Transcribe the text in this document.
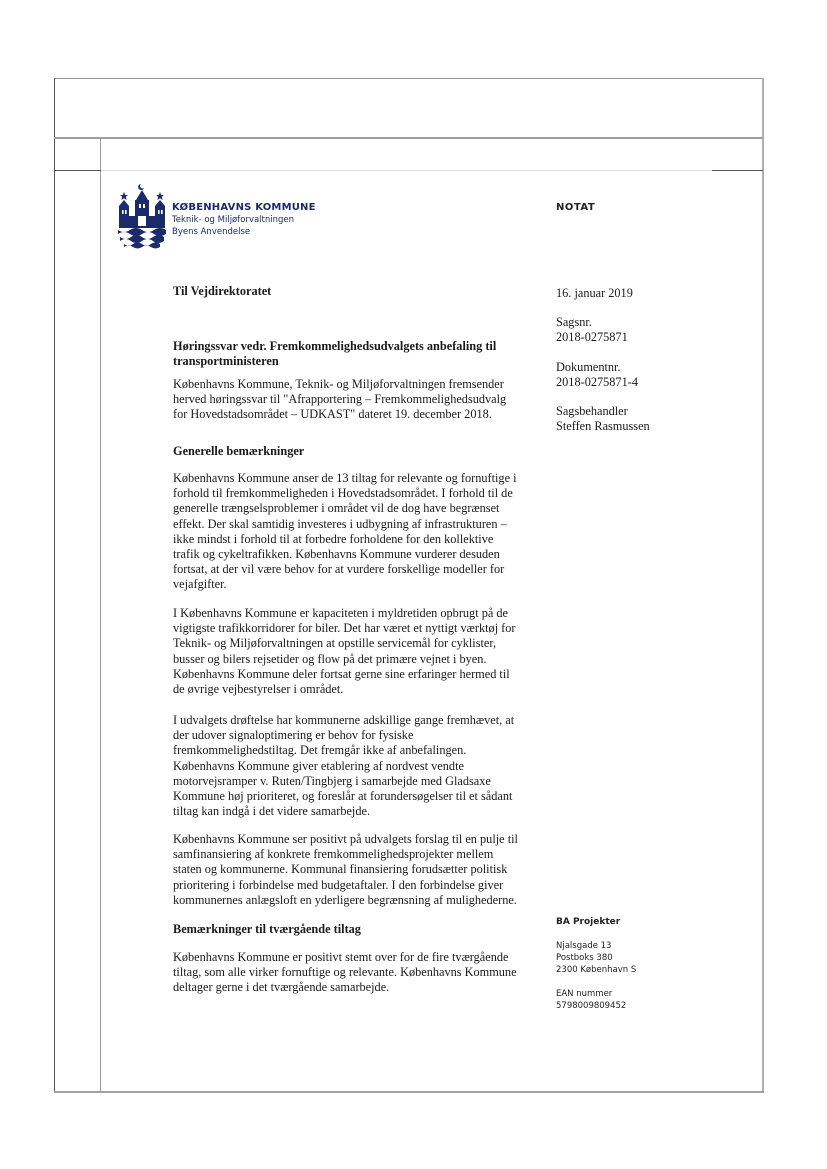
KØBENHAVNS KOMMUNE
Teknik- og Miljøforvaltningen
Byens Anvendelse
NOTAT
Til Vejdirektoratet	16. januar 2019

Sagsnr.

2018-0275871

Dokumentnr.

2018-0275871-4

Sagsbehandler

Steffen Rasmussen

Høringssvar vedr. Fremkommelighedsudvalgets anbefaling til

transportministeren

Københavns Kommune, Teknik- og Miljøforvaltningen fremsender

herved høringssvar til "Afrapportering – Fremkommelighedsudvalg

for Hovedstadsområdet – UDKAST" dateret 19. december 2018.

Generelle bemærkninger

Københavns Kommune anser de 13 tiltag for relevante og fornuftige i

forhold til fremkommeligheden i Hovedstadsområdet. I forhold til de

generelle trængselsproblemer i området vil de dog have begrænset

effekt. Der skal samtidig investeres i udbygning af infrastrukturen –

ikke mindst i forhold til at forbedre forholdene for den kollektive

trafik og cykeltrafikken. Københavns Kommune vurderer desuden

fortsat, at der vil være behov for at vurdere forskellige modeller for

vejafgifter.

I Københavns Kommune er kapaciteten i myldretiden opbrugt på de

vigtigste trafikkorridorer for biler. Det har været et nyttigt værktøj for

Teknik- og Miljøforvaltningen at opstille servicemål for cyklister,

busser og bilers rejsetider og flow på det primære vejnet i byen.

Københavns Kommune deler fortsat gerne sine erfaringer hermed til

de øvrige vejbestyrelser i området.

I udvalgets drøftelse har kommunerne adskillige gange fremhævet, at

der udover signaloptimering er behov for fysiske

fremkommelighedstiltag. Det fremgår ikke af anbefalingen.

Københavns Kommune giver etablering af nordvest vendte

motorvejsramper v. Ruten/Tingbjerg i samarbejde med Gladsaxe

Kommune høj prioriteret, og foreslår at forundersøgelser til et sådant

tiltag kan indgå i det videre samarbejde.

Københavns Kommune ser positivt på udvalgets forslag til en pulje til

samfinansiering af konkrete fremkommelighedsprojekter mellem

staten og kommunerne. Kommunal finansiering forudsætter politisk

prioritering i forbindelse med budgetaftaler. I den forbindelse giver

kommunernes anlægsloft en yderligere begrænsning af mulighederne.

Bemærkninger til tværgående tiltag

Københavns Kommune er positivt stemt over for de fire tværgående

tiltag, som alle virker fornuftige og relevante. Københavns Kommune

deltager gerne i det tværgående samarbejde.

BA Projekter
Njalsgade 13
Postboks 380
2300 København S
EAN nummer
5798009809452
